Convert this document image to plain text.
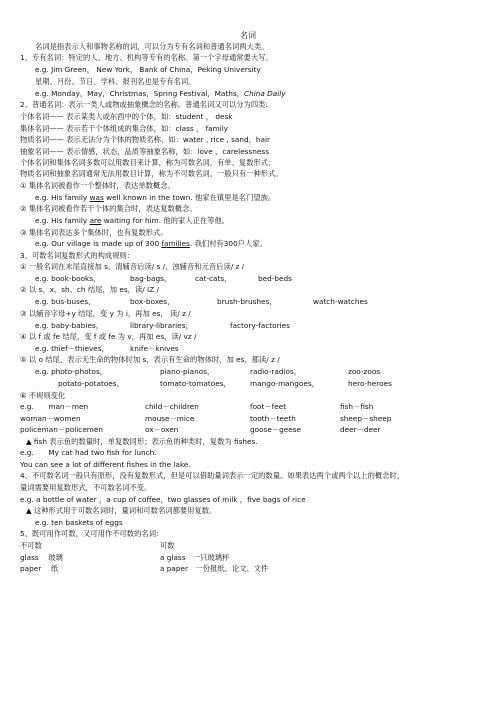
名词
名词是指表示人和事物名称的词，可以分为专有名词和普通名词两大类。
1、专有名词：特定的人、地方、机构等专有的名称。第一个字母通常要大写。
e.g. Jim Green， New York， Bank of China，Peking University
星期、月份、节日、学科、报刊名也是专有名词。
e.g. Monday，May，Christmas，Spring Festival，Maths，China Daily
2、普通名词：表示一类人或物或抽象概念的名称。普通名词又可以分为四类:
个体名词—— 表示某类人或东西中的个体，如：student ， desk
集体名词—— 表示若干个体组成的集合体，如：class ， family
物质名词—— 表示无法分为个体的物质名称，如：water , rice , sand，hair
抽象名词—— 表示情感，状态，品质等抽象名称，如：love ，carelessness
个体名词和集体名词多数可以用数目来计算，称为可数名词，有单、复数形式；
物质名词和抽象名词通常无法用数目计算，称为不可数名词，一般只有一种形式。
① 集体名词被看作一个整体时，表达单数概念。
e.g. His family was well known in the town. 他家在镇里是名门望族。
② 集体名词被看作若干个体的集合时，表达复数概念。
e.g. His family are waiting for him. 他的家人正在等他。
③ 集体名词表达多个集体时，也有复数形式。
e.g. Our village is made up of 300 families. 我们村有300户人家。
3、可数名词复数形式的构成规则：
① 一般名词在末尾直接加 s，清辅音后读/ s /，浊辅音和元音后读/ z /
e.g. book-books，	bag-bags，	cat-cats，	bed-beds
② 以 s、x、sh、ch 结尾，加 es，读/ IZ /
e.g. bus-buses，	box-boxes，	brush-brushes，	watch-watches
③ 以辅音字母+y 结尾，变 y 为 i，再加 es， 读/ z /
e.g. baby-babies，	library-libraries，	factory-factories
④ 以 f 或 fe 结尾，变 f 或 fe 为 v，再加 es，读/ vz /
e.g. thief－thieves，	knife－knives
⑤ 以 o 结尾，表示无生命的物体时加 s，表示有生命的物体时，加 es，都读/ z /
e.g. photo-photos，	piano-pianos，	radio-radios，	zoo-zoos
potato-potatoes，	tomato-tomatoes，	mango-mangoes，	hero-heroes
⑥ 不规则变化
e.g.　　man－men	child－children	foot－feet	fish－fish
woman－women	mouse－mice	tooth－teeth	sheep－sheep
policeman－policemen	ox－oxen	goose－geese	deer－deer
▲ fish 表示鱼的数量时，单复数同形；表示鱼的种类时，复数为 fishes.
e.g.　　My cat had two fish for lunch.
You can see a lot of different fishes in the lake.
4、不可数名词一般只有原形，没有复数形式，但是可以借助量词表示一定的数量。如果表达两个或两个以上的概念时，
量词需要用复数形式，不可数名词不变。
e.g. a bottle of water ，a cup of coffee，two glasses of milk ，five bags of rice
▲ 这种形式用于可数名词时，量词和可数名词都要用复数。
e.g. ten baskets of eggs
5、既可用作可数，又可用作不可数的名词：
不可数	可数
glass　 玻璃	a glass　一只玻璃杯
paper　 纸	a paper　一份报纸、论文、文件
